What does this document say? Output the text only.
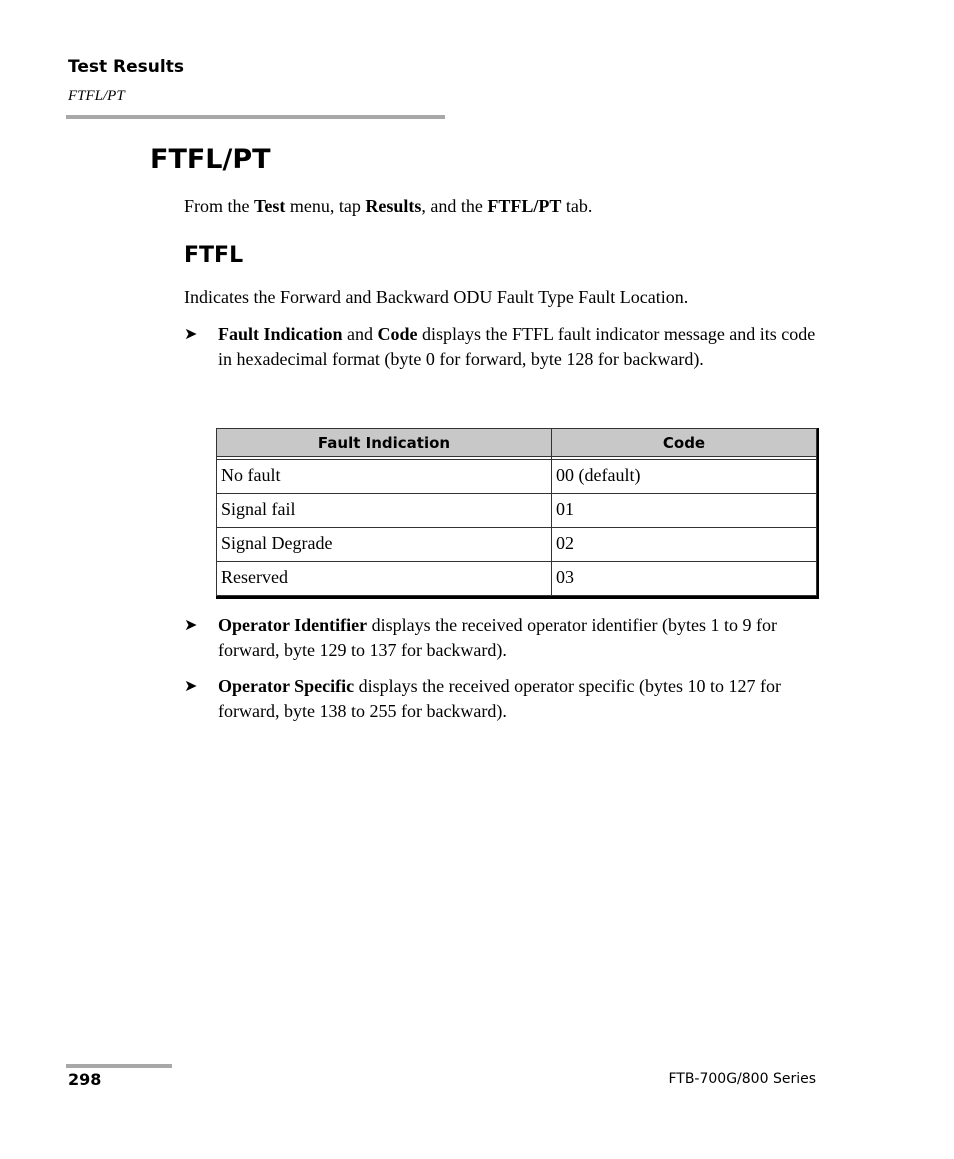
Test Results
FTFL/PT
FTFL/PT

From the Test menu, tap Results, and the FTFL/PT tab.

FTFL

Indicates the Forward and Backward ODU Fault Type Fault Location.

➤ Fault Indication and Code displays the FTFL fault indicator message and its code in hexadecimal format (byte 0 for forward, byte 128 for backward).
Fault Indication	Code

No fault	00 (default)
Signal fail	01
Signal Degrade	02
Reserved	03
➤ Operator Identifier displays the received operator identifier (bytes 1 to 9 for forward, byte 129 to 137 for backward).
➤ Operator Specific displays the received operator specific (bytes 10 to 127 for forward, byte 138 to 255 for backward).
298	FTB-700G/800 Series
